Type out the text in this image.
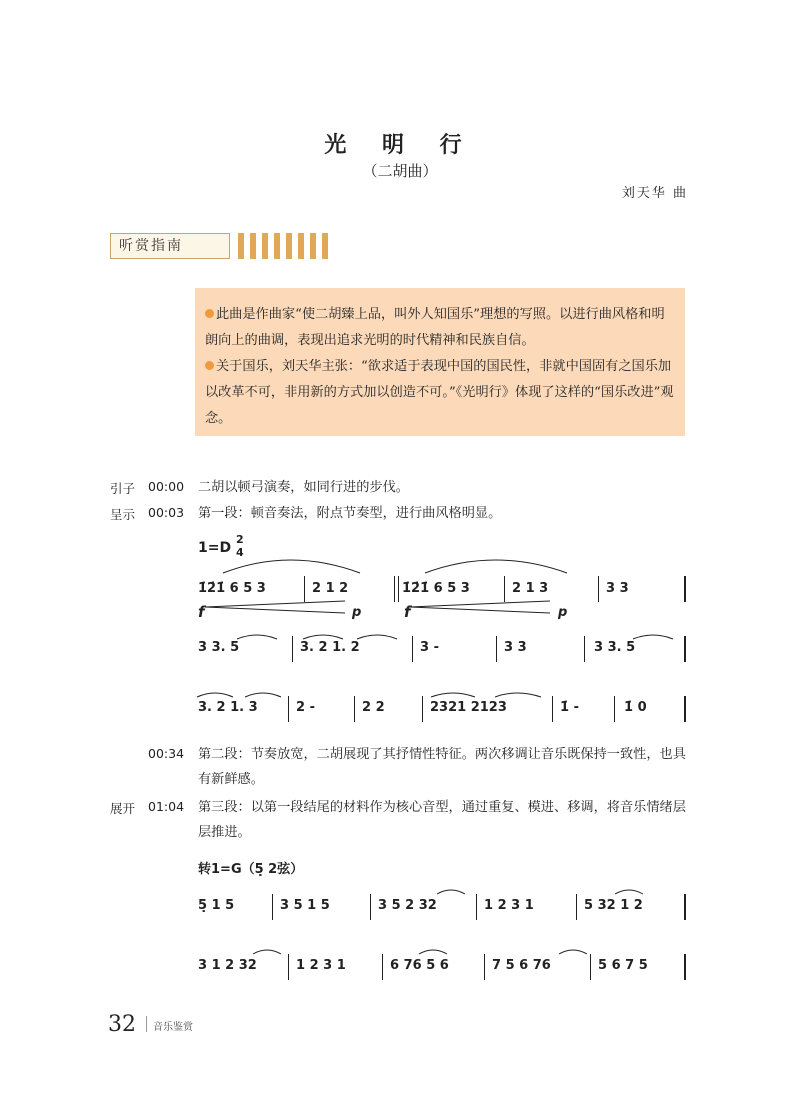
光 明 行
（二胡曲）
刘天华 曲
听赏指南
此曲是作曲家“使二胡臻上品，叫外人知国乐”理想的写照。以进行曲风格和明朗向上的曲调，表现出追求光明的时代精神和民族自信。
关于国乐，刘天华主张：“欲求适于表现中国的国民性，非就中国固有之国乐加以改革不可，非用新的方式加以创造不可。”《光明行》体现了这样的“国乐改进”观念。
引子 00:00 二胡以顿弓演奏，如同行进的步伐。
呈示 00:03 第一段：顿音奏法，附点节奏型，进行曲风格明显。
1=D
2
4
1̇2̇1̇ 6 5 3	2 1 2	1̇2̇1̇ 6 5 3	2 1 3	3 3
f	p	f	p
3 3. 5	3. 2 1. 2	3 -	3 3	3 3. 5
3. 2 1. 3	2 -	2 2	2321 2123	1̇ -	1̇ 0
00:34 第二段：节奏放宽，二胡展现了其抒情性特征。两次移调让音乐既保持一致性，也具有新鲜感。
展开 01:04 第三段：以第一段结尾的材料作为核心音型，通过重复、模进、移调，将音乐情绪层层推进。
转1=G（5̣ 2弦）
5̣ 1 5	3 5 1 5	3 5 2 32	1 2 3 1	5 32 1 2
3 1 2 32	1 2 3 1	6 76 5 6	7 5 6 76	5 6 7 5
32 音乐鉴赏
